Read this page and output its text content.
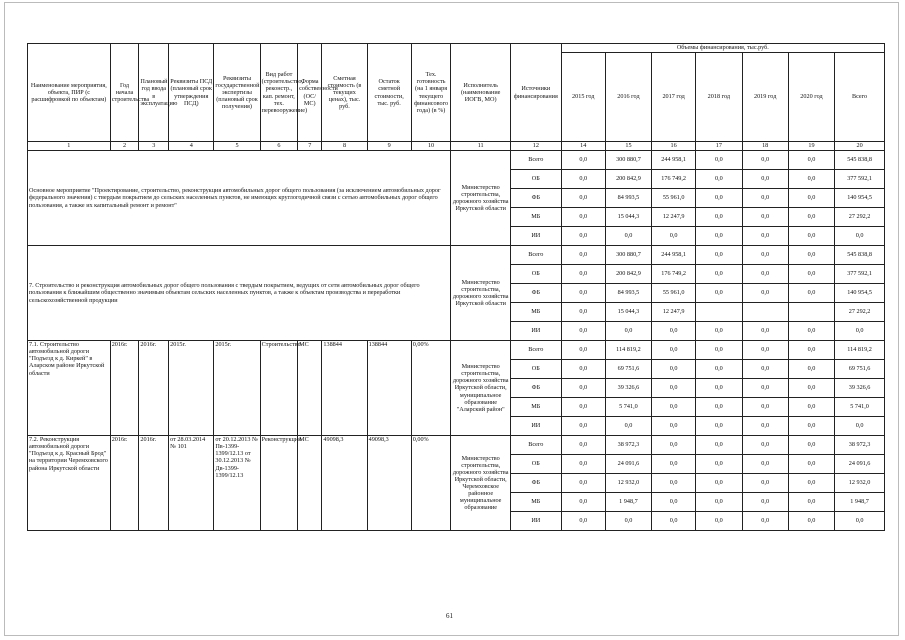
Наименование мероприятия, объекта, ПИР (с расшифровкой по объектам)	Год начала строительства	Плановый год ввода в эксплуатацию	Реквизиты ПСД (плановый срок утверждения ПСД)	Реквизиты государственной экспертизы (плановый срок получения)	Вид работ (строительство, реконстр., кап. ремонт, тех. перевооружение)	Форма собственности (ОС/МС)	Сметная стоимость (в текущих ценах), тыс. руб.	Остаток сметной стоимости, тыс. руб.	Тех. готовность (на 1 января текущего финансового года) (в %)	Исполнитель (наименование ИОГВ, МО)	Источники финансирования	Объемы финансирования, тыс.руб.						
												2015 год	2016 год	2017 год	2018 год	2019 год	2020 год	Всего
1	2	3	4	5	6	7	8	9	10	11	12	14	15	16	17	18	19	20
Основное мероприятие "Проектирование, строительство, реконструкция автомобильных дорог общего пользования (за исключением автомобильных дорог федерального значения) с твердым покрытием до сельских населенных пунктов, не имеющих круглогодичной связи с сетью автомобильных дорог общего пользования, а также их капитальный ремонт и ремонт"										Министерство строительства, дорожного хозяйства Иркутской области	Всего	0,0	300 880,7	244 958,1	0,0	0,0	0,0	545 838,8
											ОБ	0,0	200 842,9	176 749,2	0,0	0,0	0,0	377 592,1
											ФБ	0,0	84 993,5	55 961,0	0,0	0,0	0,0	140 954,5
											МБ	0,0	15 044,3	12 247,9	0,0	0,0	0,0	27 292,2
											ИИ	0,0	0,0	0,0	0,0	0,0	0,0	0,0
7. Строительство и реконструкция автомобильных дорог общего пользования с твердым покрытием, ведущих от сети автомобильных дорог общего пользования к ближайшим общественно значимым объектам сельских населенных пунктов, а также к объектам производства и переработки сельскохозяйственной продукции										Министерство строительства, дорожного хозяйства Иркутской области	Всего	0,0	300 880,7	244 958,1	0,0	0,0	0,0	545 838,8
											ОБ	0,0	200 842,9	176 749,2	0,0	0,0	0,0	377 592,1
											ФБ	0,0	84 993,5	55 961,0	0,0	0,0	0,0	140 954,5
											МБ	0,0	15 044,3	12 247,9				27 292,2
											ИИ	0,0	0,0	0,0	0,0	0,0	0,0	0,0
7.1. Строительство автомобильной дороги "Подъезд к д. Киркей" в Аларском районе Иркутской области	2016г.	2016г.	2015г.	2015г.	Строительство	МС	138844	138844	0,00%	Министерство строительства, дорожного хозяйства Иркутской области, муниципальное образование "Аларский район"	Всего	0,0	114 819,2	0,0	0,0	0,0	0,0	114 819,2
											ОБ	0,0	69 751,6	0,0	0,0	0,0	0,0	69 751,6
											ФБ	0,0	39 326,6	0,0	0,0	0,0	0,0	39 326,6
											МБ	0,0	5 741,0	0,0	0,0	0,0	0,0	5 741,0
											ИИ	0,0	0,0	0,0	0,0	0,0	0,0	0,0
7.2. Реконструкция автомобильной дороги "Подъезд к д. Красный Брод" на территории Черемховского района Иркутской области	2016г.	2016г.	от 28.03.2014 № 101	от 20.12.2013 № Пв-1399-1399/12.13 от 30.12.2013 № Дв-1399-1399/12.13	Реконструкция	МС	49098,3	49098,3	0,00%	Министерство строительства, дорожного хозяйства Иркутской области, Черемховское районное муниципальное образование	Всего	0,0	38 972,3	0,0	0,0	0,0	0,0	38 972,3
											ОБ	0,0	24 091,6	0,0	0,0	0,0	0,0	24 091,6
											ФБ	0,0	12 932,0	0,0	0,0	0,0	0,0	12 932,0
											МБ	0,0	1 948,7	0,0	0,0	0,0	0,0	1 948,7
											ИИ	0,0	0,0	0,0	0,0	0,0	0,0	0,0
61
